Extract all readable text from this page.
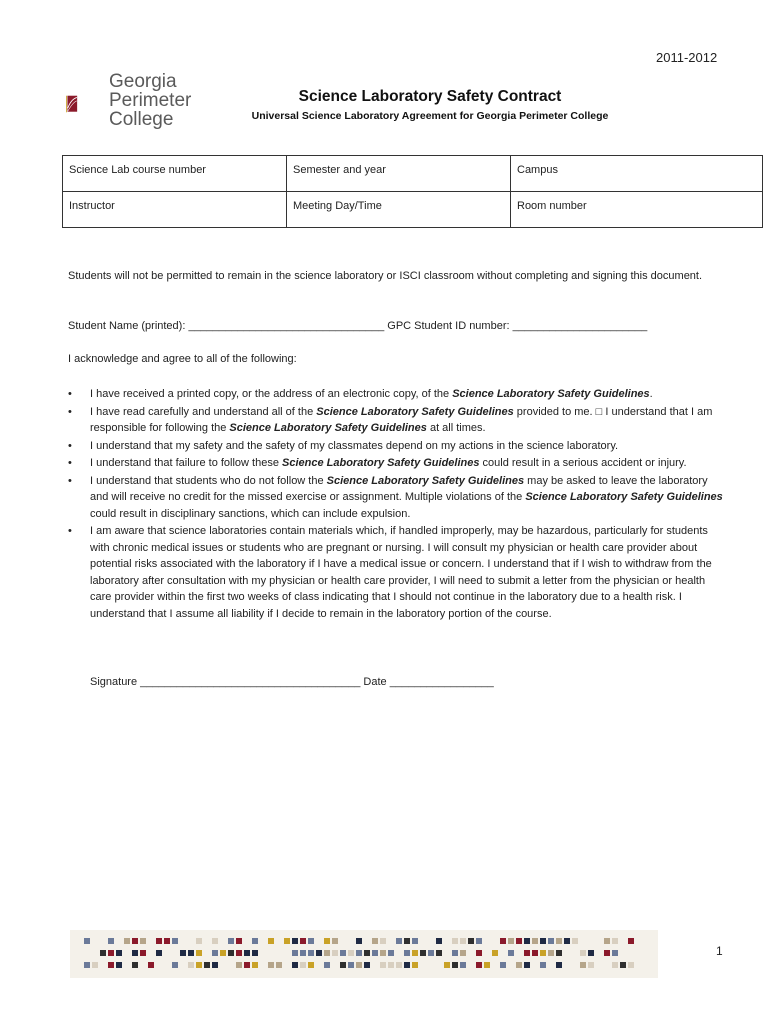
2011-2012
Georgia
Perimeter
College
Science Laboratory Safety Contract
Universal Science Laboratory Agreement for Georgia Perimeter College
Science Lab course number	Semester and year	Campus
Instructor	Meeting Day/Time	Room number
Students will not be permitted to remain in the science laboratory or ISCI classroom without completing and signing this document.
Student Name (printed): ________________________________ GPC Student ID number: ______________________
I acknowledge and agree to all of the following:
• I have received a printed copy, or the address of an electronic copy, of the Science Laboratory Safety Guidelines.
• I have read carefully and understand all of the Science Laboratory Safety Guidelines provided to me. □ I understand that I am responsible for following the Science Laboratory Safety Guidelines at all times.
• I understand that my safety and the safety of my classmates depend on my actions in the science laboratory.
• I understand that failure to follow these Science Laboratory Safety Guidelines could result in a serious accident or injury.
• I understand that students who do not follow the Science Laboratory Safety Guidelines may be asked to leave the laboratory and will receive no credit for the missed exercise or assignment. Multiple violations of the Science Laboratory Safety Guidelines could result in disciplinary sanctions, which can include expulsion.
• I am aware that science laboratories contain materials which, if handled improperly, may be hazardous, particularly for students with chronic medical issues or students who are pregnant or nursing. I will consult my physician or health care provider about potential risks associated with the laboratory if I have a medical issue or concern. I understand that if I wish to withdraw from the laboratory after consultation with my physician or health care provider, I will need to submit a letter from the physician or health care provider within the first two weeks of class indicating that I should not continue in the laboratory due to a health risk. I understand that I assume all liability if I decide to remain in the laboratory portion of the course.
Signature ____________________________________ Date _________________
1
